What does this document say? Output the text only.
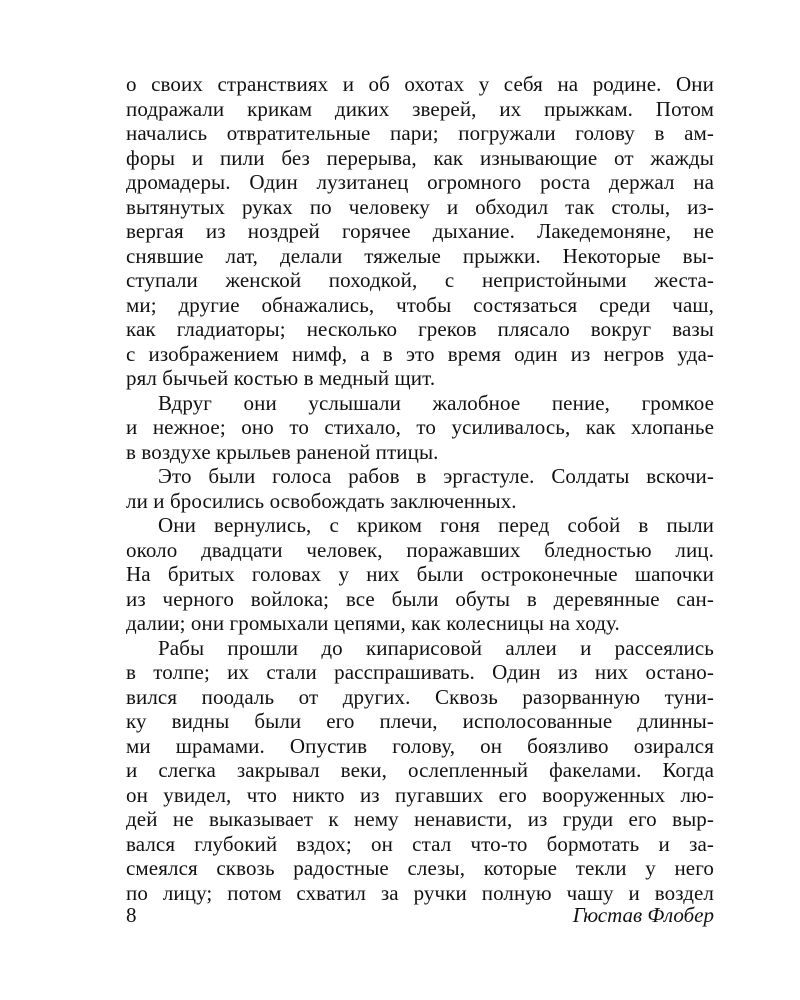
о своих странствиях и об охотах у себя на родине. Они
подражали крикам диких зверей, их прыжкам. Потом
начались отвратительные пари; погружали голову в ам-
форы и пили без перерыва, как изнывающие от жажды
дромадеры. Один лузитанец огромного роста держал на
вытянутых руках по человеку и обходил так столы, из-
вергая из ноздрей горячее дыхание. Лакедемоняне, не
снявшие лат, делали тяжелые прыжки. Некоторые вы-
ступали женской походкой, с непристойными жеста-
ми; другие обнажались, чтобы состязаться среди чаш,
как гладиаторы; несколько греков плясало вокруг вазы
с изображением нимф, а в это время один из негров уда-
рял бычьей костью в медный щит.
Вдруг они услышали жалобное пение, громкое
и нежное; оно то стихало, то усиливалось, как хлопанье
в воздухе крыльев раненой птицы.
Это были голоса рабов в эргастуле. Солдаты вскочи-
ли и бросились освобождать заключенных.
Они вернулись, с криком гоня перед собой в пыли
около двадцати человек, поражавших бледностью лиц.
На бритых головах у них были остроконечные шапочки
из черного войлока; все были обуты в деревянные сан-
далии; они громыхали цепями, как колесницы на ходу.
Рабы прошли до кипарисовой аллеи и рассеялись
в толпе; их стали расспрашивать. Один из них остано-
вился поодаль от других. Сквозь разорванную туни-
ку видны были его плечи, исполосованные длинны-
ми шрамами. Опустив голову, он боязливо озирался
и слегка закрывал веки, ослепленный факелами. Когда
он увидел, что никто из пугавших его вооруженных лю-
дей не выказывает к нему ненависти, из груди его выр-
вался глубокий вздох; он стал что-то бормотать и за-
смеялся сквозь радостные слезы, которые текли у него
по лицу; потом схватил за ручки полную чашу и воздел
8	Гюстав Флобер
